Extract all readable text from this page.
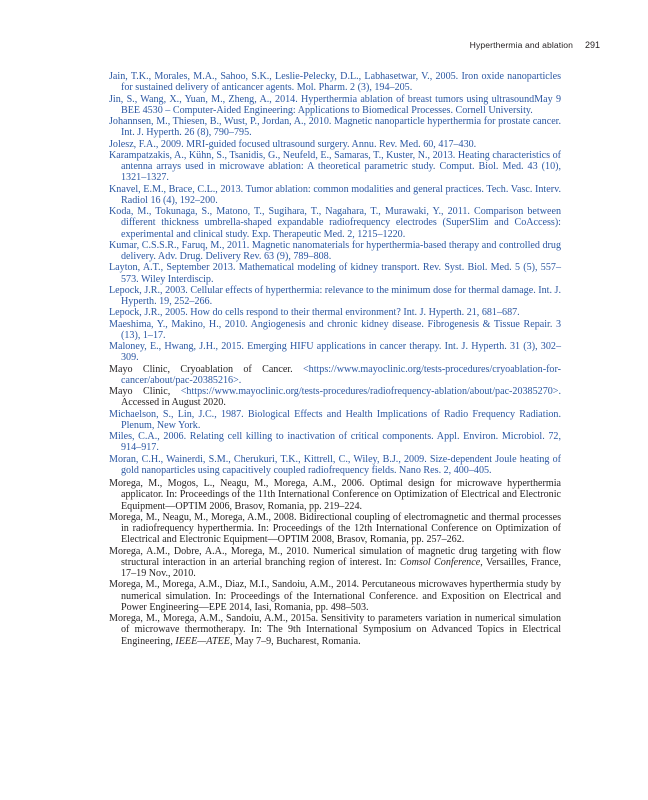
Hyperthermia and ablation 291

Jain, T.K., Morales, M.A., Sahoo, S.K., Leslie-Pelecky, D.L., Labhasetwar, V., 2005. Iron oxide nanoparticles for sustained delivery of anticancer agents. Mol. Pharm. 2 (3), 194–205.

Jin, S., Wang, X., Yuan, M., Zheng, A., 2014. Hyperthermia ablation of breast tumors using ultrasoundMay 9 BEE 4530 – Computer-Aided Engineering: Applications to Biomedical Processes. Cornell University.

Johannsen, M., Thiesen, B., Wust, P., Jordan, A., 2010. Magnetic nanoparticle hyperthermia for prostate cancer. Int. J. Hyperth. 26 (8), 790–795.

Jolesz, F.A., 2009. MRI-guided focused ultrasound surgery. Annu. Rev. Med. 60, 417–430.

Karampatzakis, A., Kühn, S., Tsanidis, G., Neufeld, E., Samaras, T., Kuster, N., 2013. Heating characteristics of antenna arrays used in microwave ablation: A theoretical parametric study. Comput. Biol. Med. 43 (10), 1321–1327.

Knavel, E.M., Brace, C.L., 2013. Tumor ablation: common modalities and general practices. Tech. Vasc. Interv. Radiol 16 (4), 192–200.

Koda, M., Tokunaga, S., Matono, T., Sugihara, T., Nagahara, T., Murawaki, Y., 2011. Comparison between different thickness umbrella-shaped expandable radiofrequency electrodes (SuperSlim and CoAccess): experimental and clinical study. Exp. Therapeutic Med. 2, 1215–1220.

Kumar, C.S.S.R., Faruq, M., 2011. Magnetic nanomaterials for hyperthermia-based therapy and controlled drug delivery. Adv. Drug. Delivery Rev. 63 (9), 789–808.

Layton, A.T., September 2013. Mathematical modeling of kidney transport. Rev. Syst. Biol. Med. 5 (5), 557–573. Wiley Interdiscip.

Lepock, J.R., 2003. Cellular effects of hyperthermia: relevance to the minimum dose for thermal damage. Int. J. Hyperth. 19, 252–266.

Lepock, J.R., 2005. How do cells respond to their thermal environment? Int. J. Hyperth. 21, 681–687.

Maeshima, Y., Makino, H., 2010. Angiogenesis and chronic kidney disease. Fibrogenesis & Tissue Repair. 3 (13), 1–17.

Maloney, E., Hwang, J.H., 2015. Emerging HIFU applications in cancer therapy. Int. J. Hyperth. 31 (3), 302–309.

Mayo Clinic, Cryoablation of Cancer. <https://www.mayoclinic.org/tests-procedures/cryoablation-for-cancer/about/pac-20385216>.

Mayo Clinic, <https://www.mayoclinic.org/tests-procedures/radiofrequency-ablation/about/pac-20385270>. Accessed in August 2020.

Michaelson, S., Lin, J.C., 1987. Biological Effects and Health Implications of Radio Frequency Radiation. Plenum, New York.

Miles, C.A., 2006. Relating cell killing to inactivation of critical components. Appl. Environ. Microbiol. 72, 914–917.

Moran, C.H., Wainerdi, S.M., Cherukuri, T.K., Kittrell, C., Wiley, B.J., 2009. Size-dependent Joule heating of gold nanoparticles using capacitively coupled radiofrequency fields. Nano Res. 2, 400–405.

Morega, M., Mogos, L., Neagu, M., Morega, A.M., 2006. Optimal design for microwave hyperthermia applicator. In: Proceedings of the 11th International Conference on Optimization of Electrical and Electronic Equipment—OPTIM 2006, Brasov, Romania, pp. 219–224.

Morega, M., Neagu, M., Morega, A.M., 2008. Bidirectional coupling of electromagnetic and thermal processes in radiofrequency hyperthermia. In: Proceedings of the 12th International Conference on Optimization of Electrical and Electronic Equipment—OPTIM 2008, Brasov, Romania, pp. 257–262.

Morega, A.M., Dobre, A.A., Morega, M., 2010. Numerical simulation of magnetic drug targeting with flow structural interaction in an arterial branching region of interest. In: Comsol Conference, Versailles, France, 17–19 Nov., 2010.

Morega, M., Morega, A.M., Diaz, M.I., Sandoiu, A.M., 2014. Percutaneous microwaves hyperthermia study by numerical simulation. In: Proceedings of the International Conference. and Exposition on Electrical and Power Engineering—EPE 2014, Iasi, Romania, pp. 498–503.

Morega, M., Morega, A.M., Sandoiu, A.M., 2015a. Sensitivity to parameters variation in numerical simulation of microwave thermotherapy. In: The 9th International Symposium on Advanced Topics in Electrical Engineering, IEEE—ATEE, May 7–9, Bucharest, Romania.
